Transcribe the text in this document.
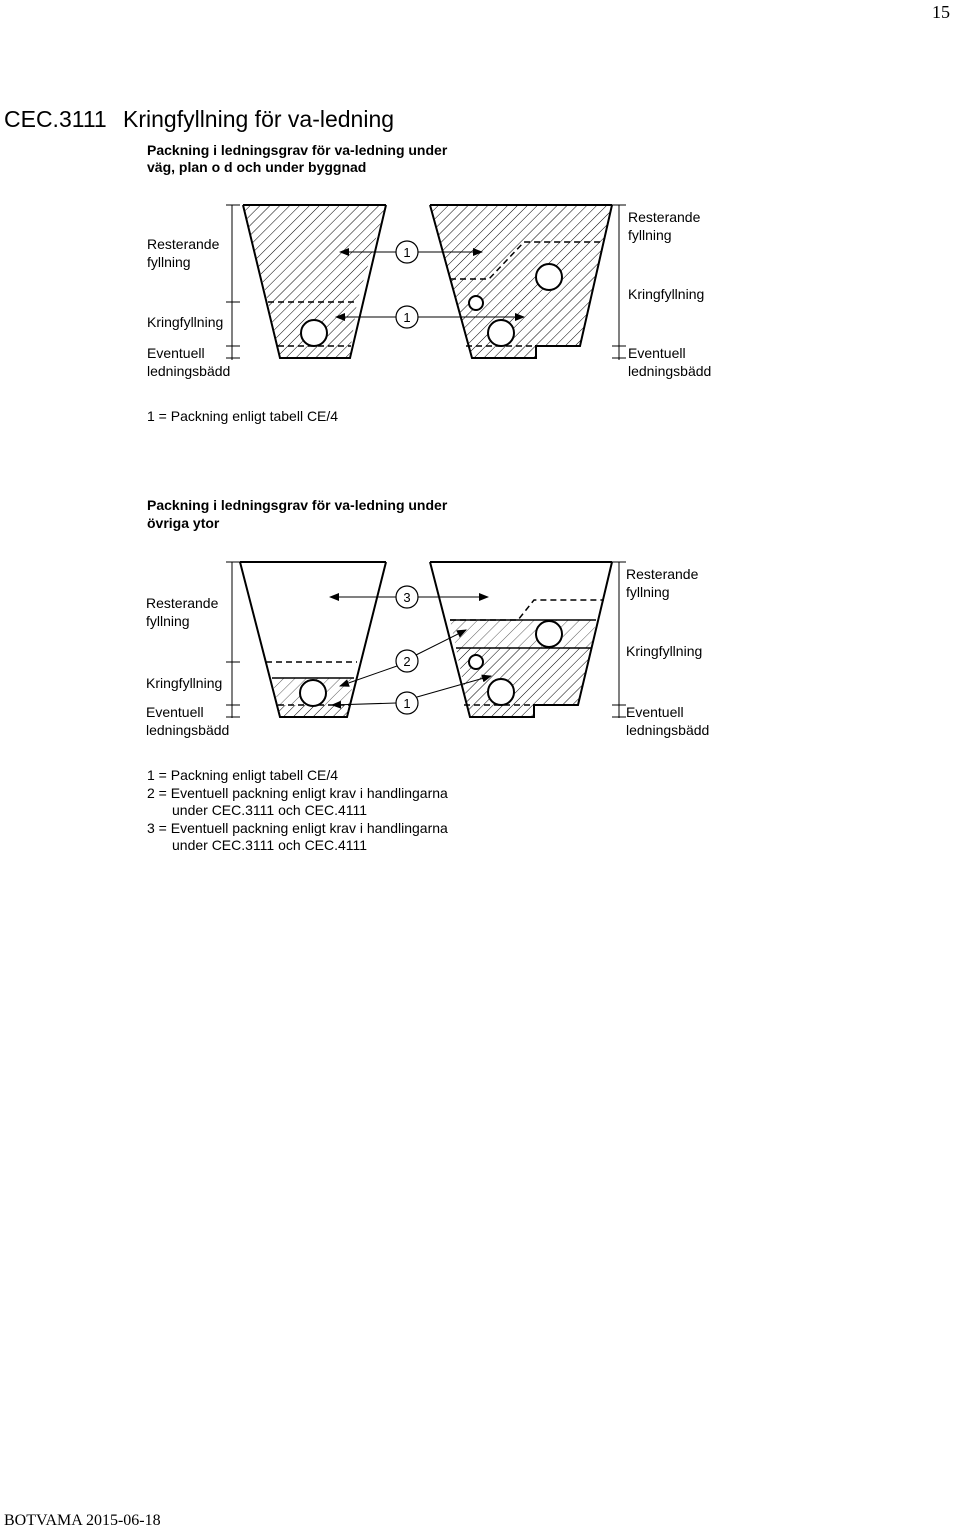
15
CEC.3111 Kringfyllning för va-ledning
Packning i ledningsgrav för va-ledning under
väg, plan o d och under byggnad
1
1
Resterande
fyllning
Kringfyllning
Eventuell
ledningsbädd
Resterande
fyllning
Kringfyllning
Eventuell
ledningsbädd
1 = Packning enligt tabell CE/4
Packning i ledningsgrav för va-ledning under
övriga ytor
3
2
1
Resterande
fyllning
Kringfyllning
Eventuell
ledningsbädd
Resterande
fyllning
Kringfyllning
Eventuell
ledningsbädd
1 = Packning enligt tabell CE/4
2 = Eventuell packning enligt krav i handlingarna
under CEC.3111 och CEC.4111
3 = Eventuell packning enligt krav i handlingarna
under CEC.3111 och CEC.4111
BOTVAMA 2015-06-18
